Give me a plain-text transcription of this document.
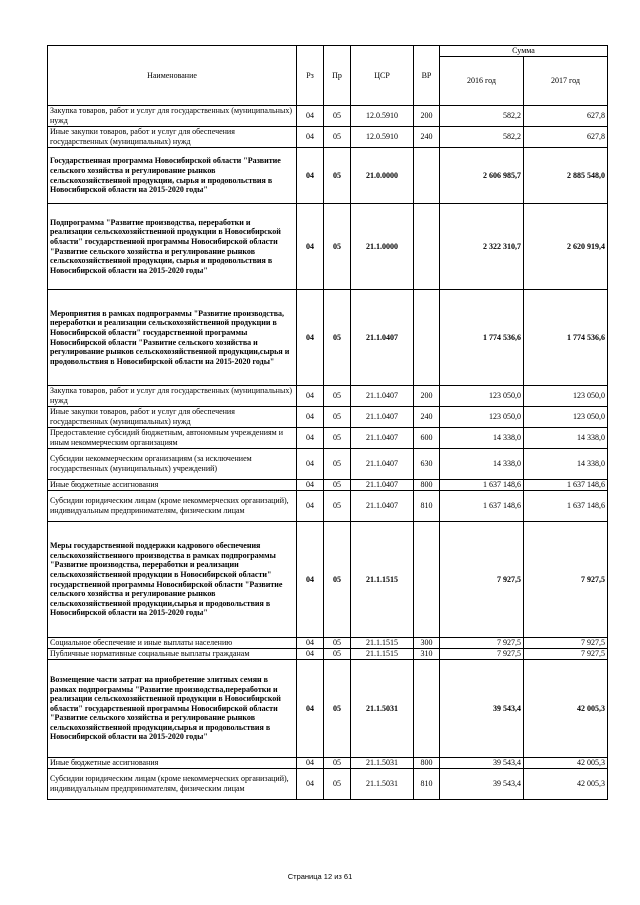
Наименование	Рз	Пр	ЦСР	ВР	Сумма	
					2016 год	2017 год
Закупка товаров, работ и услуг для государственных (муниципальных) нужд	04	05	12.0.5910	200	582,2	627,8
Иные закупки товаров, работ и услуг для обеспечения государственных (муниципальных) нужд	04	05	12.0.5910	240	582,2	627,8
Государственная программа Новосибирской области "Развитие сельского хозяйства и регулирование рынков сельскохозяйственной продукции, сырья и продовольствия в Новосибирской области на 2015-2020 годы"	04	05	21.0.0000		2 606 985,7	2 885 548,0
Подпрограмма "Развитие производства, переработки и реализации сельскохозяйственной продукции в Новосибирской области" государственной программы Новосибирской области "Развитие сельского хозяйства и регулирование рынков сельскохозяйственной продукции, сырья и продовольствия в Новосибирской области на 2015-2020 годы"	04	05	21.1.0000		2 322 310,7	2 620 919,4
Мероприятия в рамках подпрограммы "Развитие производства, переработки и реализации сельскохозяйственной продукции в Новосибирской области" государственной программы Новосибирской области "Развитие сельского хозяйства и регулирование рынков сельскохозяйственной продукции,сырья и продовольствия в Новосибирской области на 2015-2020 годы"	04	05	21.1.0407		1 774 536,6	1 774 536,6
Закупка товаров, работ и услуг для государственных (муниципальных) нужд	04	05	21.1.0407	200	123 050,0	123 050,0
Иные закупки товаров, работ и услуг для обеспечения государственных (муниципальных) нужд	04	05	21.1.0407	240	123 050,0	123 050,0
Предоставление субсидий бюджетным, автономным учреждениям и иным некоммерческим организациям	04	05	21.1.0407	600	14 338,0	14 338,0
Субсидии некоммерческим организациям (за исключением государственных (муниципальных) учреждений)	04	05	21.1.0407	630	14 338,0	14 338,0
Иные бюджетные ассигнования	04	05	21.1.0407	800	1 637 148,6	1 637 148,6
Субсидии юридическим лицам (кроме некоммерческих организаций), индивидуальным предпринимателям, физическим лицам	04	05	21.1.0407	810	1 637 148,6	1 637 148,6
Меры государственной поддержки кадрового обеспечения сельскохозяйственного производства в рамках подпрограммы "Развитие производства, переработки и реализации сельскохозяйственной продукции в Новосибирской области" государственной программы Новосибирской области "Развитие сельского хозяйства и регулирование рынков сельскохозяйственной продукции,сырья и продовольствия в Новосибирской области на 2015-2020 годы"	04	05	21.1.1515		7 927,5	7 927,5
Социальное обеспечение и иные выплаты населению	04	05	21.1.1515	300	7 927,5	7 927,5
Публичные нормативные социальные выплаты гражданам	04	05	21.1.1515	310	7 927,5	7 927,5
Возмещение части затрат на приобретение элитных семян в рамках подпрограммы "Развитие производства,переработки и реализации сельскохозяйственной продукции в Новосибирской области" государственной программы Новосибирской области "Развитие сельского хозяйства и регулирование рынков сельскохозяйственной продукции,сырья и продовольствия в Новосибирской области на 2015-2020 годы"	04	05	21.1.5031		39 543,4	42 005,3
Иные бюджетные ассигнования	04	05	21.1.5031	800	39 543,4	42 005,3
Субсидии юридическим лицам (кроме некоммерческих организаций), индивидуальным предпринимателям, физическим лицам	04	05	21.1.5031	810	39 543,4	42 005,3
Страница 12 из 61
